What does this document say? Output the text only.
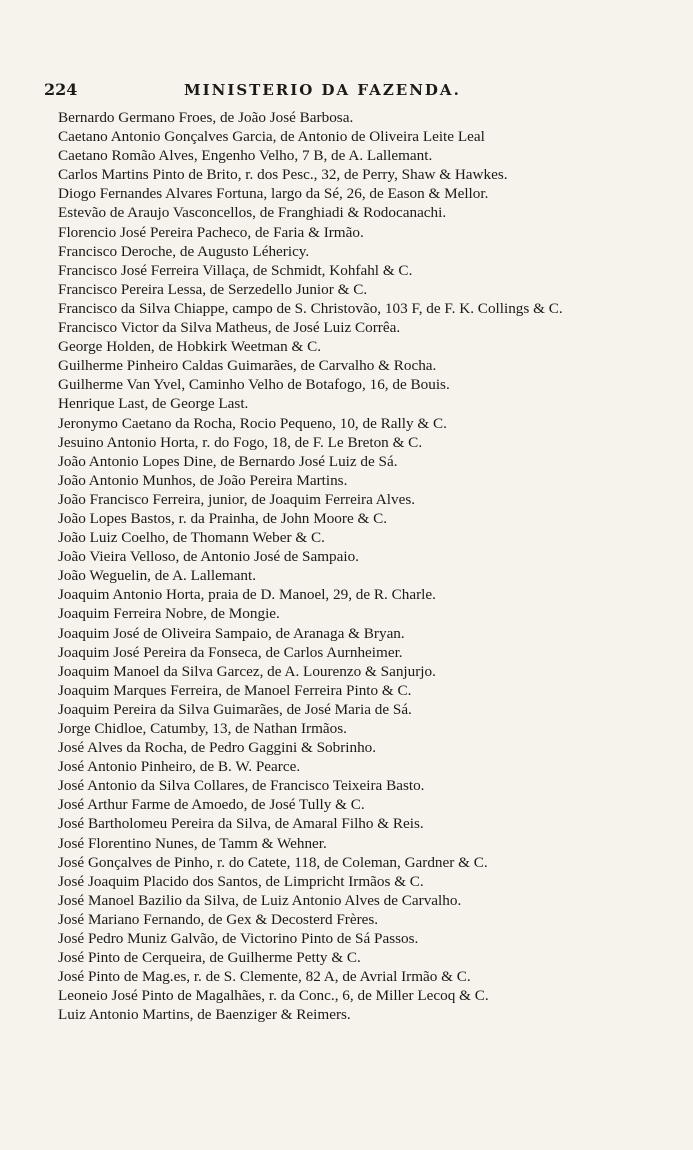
224	MINISTERIO DA FAZENDA.
Bernardo Germano Froes, de João José Barbosa.
Caetano Antonio Gonçalves Garcia, de Antonio de Oliveira Leite Leal
Caetano Romão Alves, Engenho Velho, 7 B, de A. Lallemant.
Carlos Martins Pinto de Brito, r. dos Pesc., 32, de Perry, Shaw & Hawkes.
Diogo Fernandes Alvares Fortuna, largo da Sé, 26, de Eason & Mellor.
Estevão de Araujo Vasconcellos, de Franghiadi & Rodocanachi.
Florencio José Pereira Pacheco, de Faria & Irmão.
Francisco Deroche, de Augusto Léhericy.
Francisco José Ferreira Villaça, de Schmidt, Kohfahl & C.
Francisco Pereira Lessa, de Serzedello Junior & C.
Francisco da Silva Chiappe, campo de S. Christovão, 103 F, de F. K. Collings & C.
Francisco Victor da Silva Matheus, de José Luiz Corrêa.
George Holden, de Hobkirk Weetman & C.
Guilherme Pinheiro Caldas Guimarães, de Carvalho & Rocha.
Guilherme Van Yvel, Caminho Velho de Botafogo, 16, de Bouis.
Henrique Last, de George Last.
Jeronymo Caetano da Rocha, Rocio Pequeno, 10, de Rally & C.
Jesuino Antonio Horta, r. do Fogo, 18, de F. Le Breton & C.
João Antonio Lopes Dine, de Bernardo José Luiz de Sá.
João Antonio Munhos, de João Pereira Martins.
João Francisco Ferreira, junior, de Joaquim Ferreira Alves.
João Lopes Bastos, r. da Prainha, de John Moore & C.
João Luiz Coelho, de Thomann Weber & C.
João Vieira Velloso, de Antonio José de Sampaio.
João Weguelin, de A. Lallemant.
Joaquim Antonio Horta, praia de D. Manoel, 29, de R. Charle.
Joaquim Ferreira Nobre, de Mongie.
Joaquim José de Oliveira Sampaio, de Aranaga & Bryan.
Joaquim José Pereira da Fonseca, de Carlos Aurnheimer.
Joaquim Manoel da Silva Garcez, de A. Lourenzo & Sanjurjo.
Joaquim Marques Ferreira, de Manoel Ferreira Pinto & C.
Joaquim Pereira da Silva Guimarães, de José Maria de Sá.
Jorge Chidloe, Catumby, 13, de Nathan Irmãos.
José Alves da Rocha, de Pedro Gaggini & Sobrinho.
José Antonio Pinheiro, de B. W. Pearce.
José Antonio da Silva Collares, de Francisco Teixeira Basto.
José Arthur Farme de Amoedo, de José Tully & C.
José Bartholomeu Pereira da Silva, de Amaral Filho & Reis.
José Florentino Nunes, de Tamm & Wehner.
José Gonçalves de Pinho, r. do Catete, 118, de Coleman, Gardner & C.
José Joaquim Placido dos Santos, de Limpricht Irmãos & C.
José Manoel Bazilio da Silva, de Luiz Antonio Alves de Carvalho.
José Mariano Fernando, de Gex & Decosterd Frères.
José Pedro Muniz Galvão, de Victorino Pinto de Sá Passos.
José Pinto de Cerqueira, de Guilherme Petty & C.
José Pinto de Mag.es, r. de S. Clemente, 82 A, de Avrial Irmão & C.
Leoneio José Pinto de Magalhães, r. da Conc., 6, de Miller Lecoq & C.
Luiz Antonio Martins, de Baenziger & Reimers.
